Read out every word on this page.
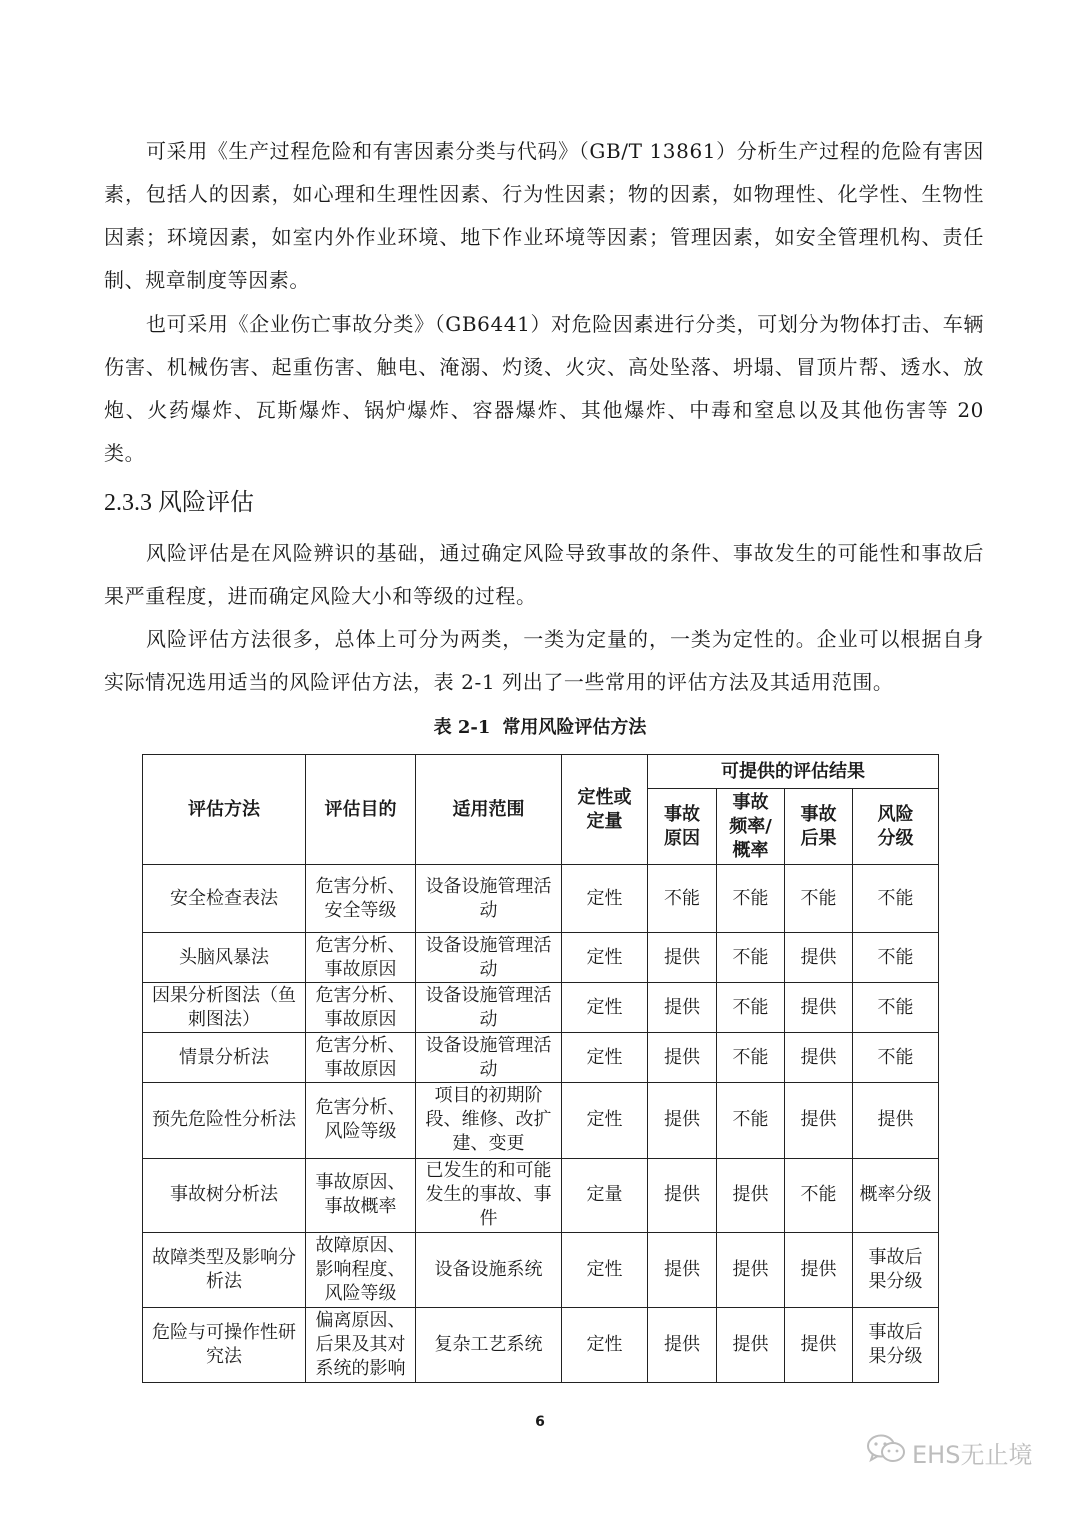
可采用《生产过程危险和有害因素分类与代码》（GB/T 13861）分析生产过程的危险有害因素，包括人的因素，如心理和生理性因素、行为性因素；物的因素，如物理性、化学性、生物性因素；环境因素，如室内外作业环境、地下作业环境等因素；管理因素，如安全管理机构、责任制、规章制度等因素。

也可采用《企业伤亡事故分类》（GB6441）对危险因素进行分类，可划分为物体打击、车辆伤害、机械伤害、起重伤害、触电、淹溺、灼烫、火灾、高处坠落、坍塌、冒顶片帮、透水、放炮、火药爆炸、瓦斯爆炸、锅炉爆炸、容器爆炸、其他爆炸、中毒和窒息以及其他伤害等 20 类。

2.3.3 风险评估

风险评估是在风险辨识的基础，通过确定风险导致事故的条件、事故发生的可能性和事故后果严重程度，进而确定风险大小和等级的过程。

风险评估方法很多，总体上可分为两类，一类为定量的，一类为定性的。企业可以根据自身实际情况选用适当的风险评估方法，表 2-1 列出了一些常用的评估方法及其适用范围。

表 2-1 常用风险评估方法
评估方法	评估目的	适用范围	定性或定量	可提供的评估结果			
				事故原因	事故频率/概率	事故后果	风险分级
安全检查表法	危害分析、安全等级	设备设施管理活动	定性	不能	不能	不能	不能
头脑风暴法	危害分析、事故原因	设备设施管理活动	定性	提供	不能	提供	不能
因果分析图法（鱼刺图法）	危害分析、事故原因	设备设施管理活动	定性	提供	不能	提供	不能
情景分析法	危害分析、事故原因	设备设施管理活动	定性	提供	不能	提供	不能
预先危险性分析法	危害分析、风险等级	项目的初期阶段、维修、改扩建、变更	定性	提供	不能	提供	提供
事故树分析法	事故原因、事故概率	已发生的和可能发生的事故、事件	定量	提供	提供	不能	概率分级
故障类型及影响分析法	故障原因、影响程度、风险等级	设备设施系统	定性	提供	提供	提供	事故后果分级
危险与可操作性研究法	偏离原因、后果及其对系统的影响	复杂工艺系统	定性	提供	提供	提供	事故后果分级
6
EHS无止境
